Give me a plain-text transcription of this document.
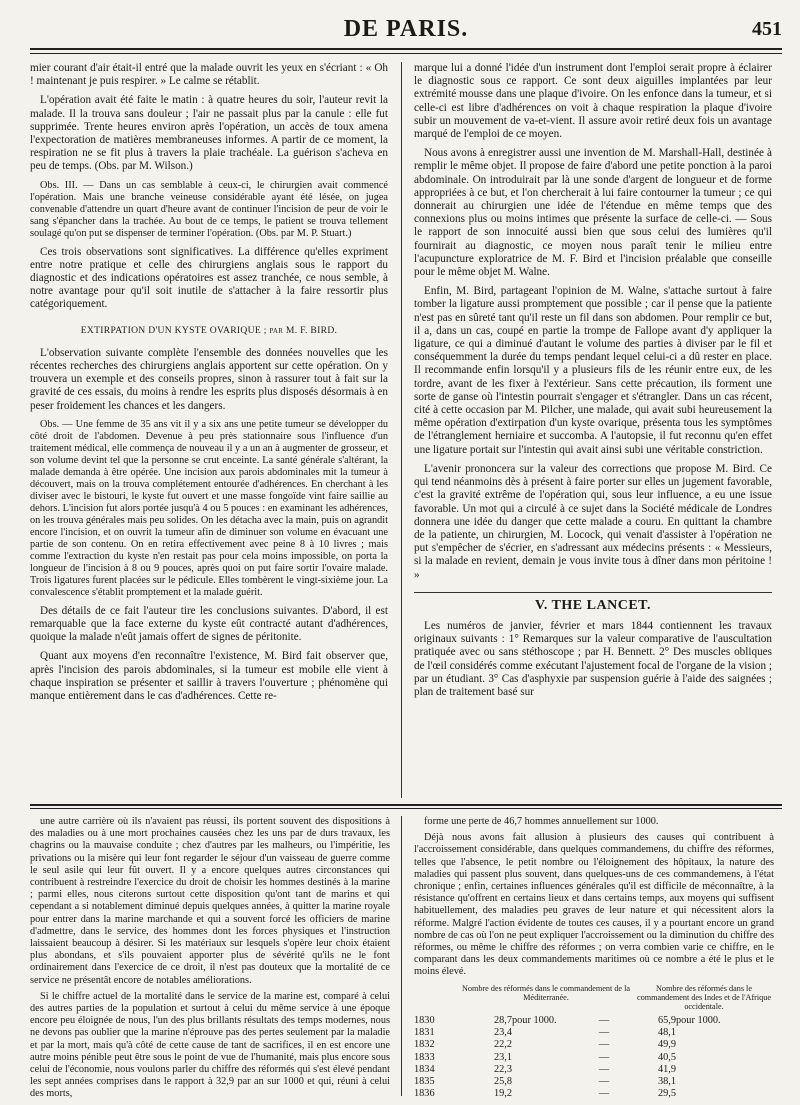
DE PARIS.	451

mier courant d'air était-il entré que la malade ouvrit les yeux en s'écriant : « Oh ! maintenant je puis respirer. » Le calme se rétablit.

L'opération avait été faite le matin : à quatre heures du soir, l'auteur revit la malade. Il la trouva sans douleur ; l'air ne passait plus par la canule : elle fut supprimée. Trente heures environ après l'opération, un accès de toux amena l'expectoration de matières membraneuses informes. A partir de ce moment, la respiration ne se fit plus à travers la plaie trachéale. La guérison s'acheva en peu de temps. (Obs. par M. Wilson.)

Obs. III. — Dans un cas semblable à ceux-ci, le chirurgien avait commencé l'opération. Mais une branche veineuse considérable ayant été lésée, on jugea convenable d'attendre un quart d'heure avant de continuer l'incision de peur de voir le sang s'épancher dans la trachée. Au bout de ce temps, le patient se trouva tellement soulagé qu'on put se dispenser de terminer l'opération. (Obs. par M. P. Stuart.)

Ces trois observations sont significatives. La différence qu'elles expriment entre notre pratique et celle des chirurgiens anglais sous le rapport du diagnostic et des indications opératoires est assez tranchée, ce nous semble, à notre avantage pour qu'il soit inutile de s'attacher à la faire ressortir plus catégoriquement.

EXTIRPATION D'UN KYSTE OVARIQUE ; par M. F. BIRD.

L'observation suivante complète l'ensemble des données nouvelles que les récentes recherches des chirurgiens anglais apportent sur cette opération. On y trouvera un exemple et des conseils propres, sinon à rassurer tout à fait sur la gravité de ces essais, du moins à rendre les esprits plus disposés désormais à en peser froidement les chances et les dangers.

Obs. — Une femme de 35 ans vit il y a six ans une petite tumeur se développer du côté droit de l'abdomen. Devenue à peu près stationnaire sous l'influence d'un traitement médical, elle commença de nouveau il y a un an à augmenter de grosseur, et son volume devint tel que la personne se crut enceinte. La santé générale s'altérant, la malade demanda à être opérée. Une incision aux parois abdominales mit la tumeur à découvert, mais on la trouva complétement entourée d'adhérences. En cherchant à les diviser avec le bistouri, le kyste fut ouvert et une masse fongoïde vint faire saillie au dehors. L'incision fut alors portée jusqu'à 4 ou 5 pouces : en examinant les adhérences, on les trouva générales mais peu solides. On les détacha avec la main, puis on agrandit encore l'incision, et on ouvrit la tumeur afin de diminuer son volume en évacuant une partie de son contenu. On en retira effectivement avec peine 8 à 10 livres ; mais comme l'extraction du kyste n'en restait pas pour cela moins impossible, on porta la longueur de l'incision à 8 ou 9 pouces, après quoi on put faire sortir l'ovaire malade. Trois ligatures furent placées sur le pédicule. Elles tombèrent le vingt-sixième jour. La convalescence s'établit promptement et la malade guérit.

Des détails de ce fait l'auteur tire les conclusions suivantes. D'abord, il est remarquable que la face externe du kyste eût contracté autant d'adhérences, quoique la malade n'eût jamais offert de signes de péritonite.

Quant aux moyens d'en reconnaître l'existence, M. Bird fait observer que, après l'incision des parois abdominales, si la tumeur est mobile elle vient à chaque inspiration se présenter et saillir à travers l'ouverture ; phénomène qui manque entièrement dans le cas d'adhérences. Cette re-

marque lui a donné l'idée d'un instrument dont l'emploi serait propre à éclairer le diagnostic sous ce rapport. Ce sont deux aiguilles implantées par leur extrémité mousse dans une plaque d'ivoire. On les enfonce dans la tumeur, et si celle-ci est libre d'adhérences on voit à chaque respiration la plaque d'ivoire subir un mouvement de va-et-vient. Il assure avoir retiré deux fois un avantage marqué de l'emploi de ce moyen.

Nous avons à enregistrer aussi une invention de M. Marshall-Hall, destinée à remplir le même objet. Il propose de faire d'abord une petite ponction à la paroi abdominale. On introduirait par là une sonde d'argent de longueur et de forme appropriées à ce but, et l'on chercherait à lui faire contourner la tumeur ; ce qui donnerait au chirurgien une idée de l'étendue en même temps que des connexions plus ou moins intimes que présente la surface de celle-ci. — Sous le rapport de son innocuité aussi bien que sous celui des lumières qu'il fournirait au diagnostic, ce moyen nous paraît tenir le milieu entre l'acupuncture exploratrice de M. F. Bird et l'incision préalable que conseille pour le même objet M. Walne.

Enfin, M. Bird, partageant l'opinion de M. Walne, s'attache surtout à faire tomber la ligature aussi promptement que possible ; car il pense que la patiente n'est pas en sûreté tant qu'il reste un fil dans son abdomen. Pour remplir ce but, il a, dans un cas, coupé en partie la trompe de Fallope avant d'y appliquer la ligature, ce qui a diminué d'autant le volume des parties à diviser par le fil et conséquemment la durée du temps pendant lequel celui-ci a dû rester en place. Il recommande enfin lorsqu'il y a plusieurs fils de les réunir entre eux, de les tordre, avant de les fixer à l'extérieur. Sans cette précaution, ils forment une sorte de ganse où l'intestin pourrait s'engager et s'étrangler. Dans un cas récent, cité à cette occasion par M. Pilcher, une malade, qui avait subi heureusement la même opération d'extirpation d'un kyste ovarique, présenta tous les symptômes de l'étranglement herniaire et succomba. A l'autopsie, il fut reconnu qu'en effet une ligature portait sur l'intestin qui avait ainsi subi une véritable constriction.

L'avenir prononcera sur la valeur des corrections que propose M. Bird. Ce qui tend néanmoins dès à présent à faire porter sur elles un jugement favorable, c'est la gravité extrême de l'opération qui, sous leur influence, a eu une issue favorable. Un mot qui a circulé à ce sujet dans la Société médicale de Londres donnera une idée du danger que cette malade a couru. En quittant la chambre de la patiente, un chirurgien, M. Locock, qui venait d'assister à l'opération ne put s'empêcher de s'écrier, en s'adressant aux médecins présents : « Messieurs, si la malade en revient, demain je vous invite tous à dîner dans mon péritoine ! »

V. THE LANCET.

Les numéros de janvier, février et mars 1844 contiennent les travaux originaux suivants : 1° Remarques sur la valeur comparative de l'auscultation pratiquée avec ou sans stéthoscope ; par H. Bennett. 2° Des muscles obliques de l'œil considérés comme exécutant l'ajustement focal de l'organe de la vision ; par un étudiant. 3° Cas d'asphyxie par suspension guérie à l'aide des saignées ; plan de traitement basé sur

une autre carrière où ils n'avaient pas réussi, ils portent souvent des dispositions à des maladies ou à une mort prochaines causées chez les uns par de durs travaux, les chagrins ou la mauvaise conduite ; chez d'autres par les malheurs, ou l'impéritie, les privations ou la misère qui leur font regarder le séjour d'un vaisseau de guerre comme le seul asile qui leur fût ouvert. Il y a encore quelques autres circonstances qui contribuent à restreindre l'exercice du droit de choisir les hommes destinés à la marine ; parmi elles, nous citerons surtout cette disposition qu'ont tant de marins et qui cependant a si notablement diminué depuis quelques années, à quitter la marine royale pour entrer dans la marine marchande et qui a souvent forcé les officiers de marine d'admettre, dans le service, des hommes dont les forces physiques et l'instruction laissaient beaucoup à désirer. Si les matériaux sur lesquels s'opère leur choix étaient plus abondans, et s'ils pouvaient apporter plus de sévérité qu'ils ne le font ordinairement dans l'exercice de ce droit, il n'est pas douteux que la mortalité de ce service ne présentât encore de notables améliorations.

Si le chiffre actuel de la mortalité dans le service de la marine est, comparé à celui des autres parties de la population et surtout à celui du même service à une époque encore peu éloignée de nous, l'un des plus brillants résultats des temps modernes, nous ne devons pas oublier que la marine n'éprouve pas des pertes seulement par la maladie et par la mort, mais qu'à côté de cette cause de tant de sacrifices, il en est encore une autre moins pénible peut être sous le point de vue de l'humanité, mais plus encore sous celui de l'économie, nous voulons parler du chiffre des réformés qui s'est élevé pendant les sept années comprises dans le rapport à 32,9 par an sur 1000 et qui, réuni à celui des morts,

forme une perte de 46,7 hommes annuellement sur 1000.

Déjà nous avons fait allusion à plusieurs des causes qui contribuent à l'accroissement considérable, dans quelques commandemens, du chiffre des réformes, telles que l'absence, le petit nombre ou l'éloignement des hôpitaux, la nature des maladies qui passent plus souvent, dans quelques-uns de ces commandemens, à l'état chronique ; enfin, certaines influences générales qu'il est difficile de méconnaître, à la résistance qu'offrent en certains lieux et dans certains temps, aux moyens qui suffisent habituellement, des maladies peu graves de leur nature et qui nécessitent alors la réforme. Malgré l'action évidente de toutes ces causes, il y a pourtant encore un grand nombre de cas où l'on ne peut expliquer l'accroissement ou la diminution du chiffre des réformes, ou même le chiffre des réformes ; on verra combien varie ce chiffre, en le comparant dans les deux commandements maritimes où ce nombre a été le plus et le moins élevé.

	Nombre des réformés dans le commandement de la Méditerranée.			Nombre des réformés dans le commandement des Indes et de l'Afrique occidentale.	
1830	28,7	pour 1000.	—	65,9	pour 1000.
1831	23,4		—	48,1	
1832	22,2		—	49,9	
1833	23,1		—	40,5	
1834	22,3		—	41,9	
1835	25,8		—	38,1	
1836	19,2		—	29,5	
